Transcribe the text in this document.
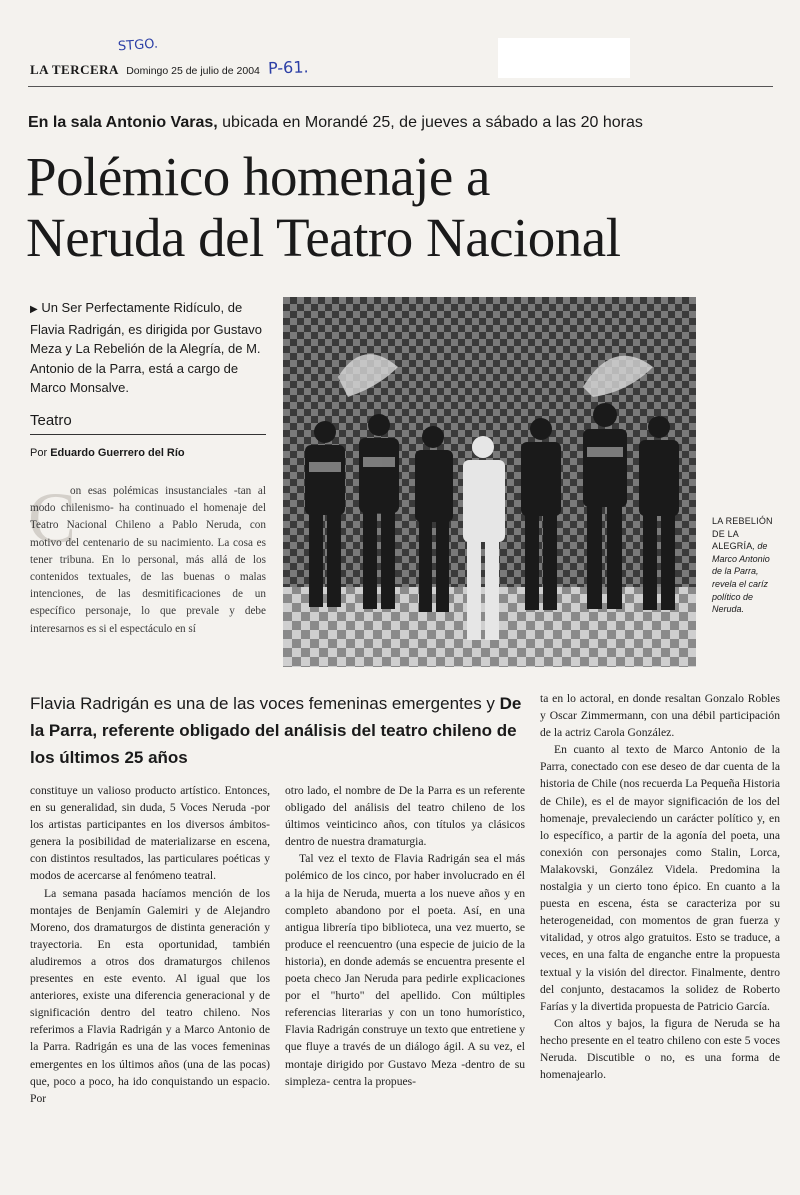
STGO.
P-61.
LA TERCERA Domingo 25 de julio de 2004
En la sala Antonio Varas, ubicada en Morandé 25, de jueves a sábado a las 20 horas
Polémico homenaje a
Neruda del Teatro Nacional
▶ Un Ser Perfectamente Ridículo, de Flavia Radrigán, es dirigida por Gustavo Meza y La Rebelión de la Alegría, de M. Antonio de la Parra, está a cargo de Marco Monsalve.
Teatro
Por Eduardo Guerrero del Río
C
on esas polémicas insustanciales -tan al modo chilenismo- ha continuado el homenaje del Teatro Nacional Chileno a Pablo Neruda, con motivo del centenario de su nacimiento. La cosa es tener tribuna. En lo personal, más allá de los contenidos textuales, de las buenas o malas intenciones, de las desmitificaciones de un específico personaje, lo que prevale y debe interesarnos es si el espectáculo en sí
LA REBELIÓN DE LA ALEGRÍA, de Marco Antonio de la Parra, revela el caríz político de Neruda.
Flavia Radrigán es una de las voces femeninas emergentes y De la Parra, referente obligado del análisis del teatro chileno de los últimos 25 años

constituye un valioso producto artístico. Entonces, en su generalidad, sin duda, 5 Voces Neruda -por los artistas participantes en los diversos ámbitos- genera la posibilidad de materializarse en escena, con distintos resultados, las particulares poéticas y modos de acercarse al fenómeno teatral.

La semana pasada hacíamos mención de los montajes de Benjamín Galemiri y de Alejandro Moreno, dos dramaturgos de distinta generación y trayectoria. En esta oportunidad, también aludiremos a otros dos dramaturgos chilenos presentes en este evento. Al igual que los anteriores, existe una diferencia generacional y de significación dentro del teatro chileno. Nos referimos a Flavia Radrigán y a Marco Antonio de la Parra. Radrigán es una de las voces femeninas emergentes en los últimos años (una de las pocas) que, poco a poco, ha ido conquistando un espacio. Por

otro lado, el nombre de De la Parra es un referente obligado del análisis del teatro chileno de los últimos veinticinco años, con títulos ya clásicos dentro de nuestra dramaturgia.

Tal vez el texto de Flavia Radrigán sea el más polémico de los cinco, por haber involucrado en él a la hija de Neruda, muerta a los nueve años y en completo abandono por el poeta. Así, en una antigua librería tipo biblioteca, una vez muerto, se produce el reencuentro (una especie de juicio de la historia), en donde además se encuentra presente el poeta checo Jan Neruda para pedirle explicaciones por el "hurto" del apellido. Con múltiples referencias literarias y con un tono humorístico, Flavia Radrigán construye un texto que entretiene y que fluye a través de un diálogo ágil. A su vez, el montaje dirigido por Gustavo Meza -dentro de su simpleza- centra la propues-

ta en lo actoral, en donde resaltan Gonzalo Robles y Oscar Zimmermann, con una débil participación de la actriz Carola González.

En cuanto al texto de Marco Antonio de la Parra, conectado con ese deseo de dar cuenta de la historia de Chile (nos recuerda La Pequeña Historia de Chile), es el de mayor significación de los del homenaje, prevaleciendo un carácter político y, en lo específico, a partir de la agonía del poeta, una conexión con personajes como Stalin, Lorca, Malakovski, González Videla. Predomina la nostalgia y un cierto tono épico. En cuanto a la puesta en escena, ésta se caracteriza por su heterogeneidad, con momentos de gran fuerza y vitalidad, y otros algo gratuitos. Esto se traduce, a veces, en una falta de enganche entre la propuesta textual y la visión del director. Finalmente, dentro del conjunto, destacamos la solidez de Roberto Farías y la divertida propuesta de Patricio García.

Con altos y bajos, la figura de Neruda se ha hecho presente en el teatro chileno con este 5 voces Neruda. Discutible o no, es una forma de homenajearlo.
